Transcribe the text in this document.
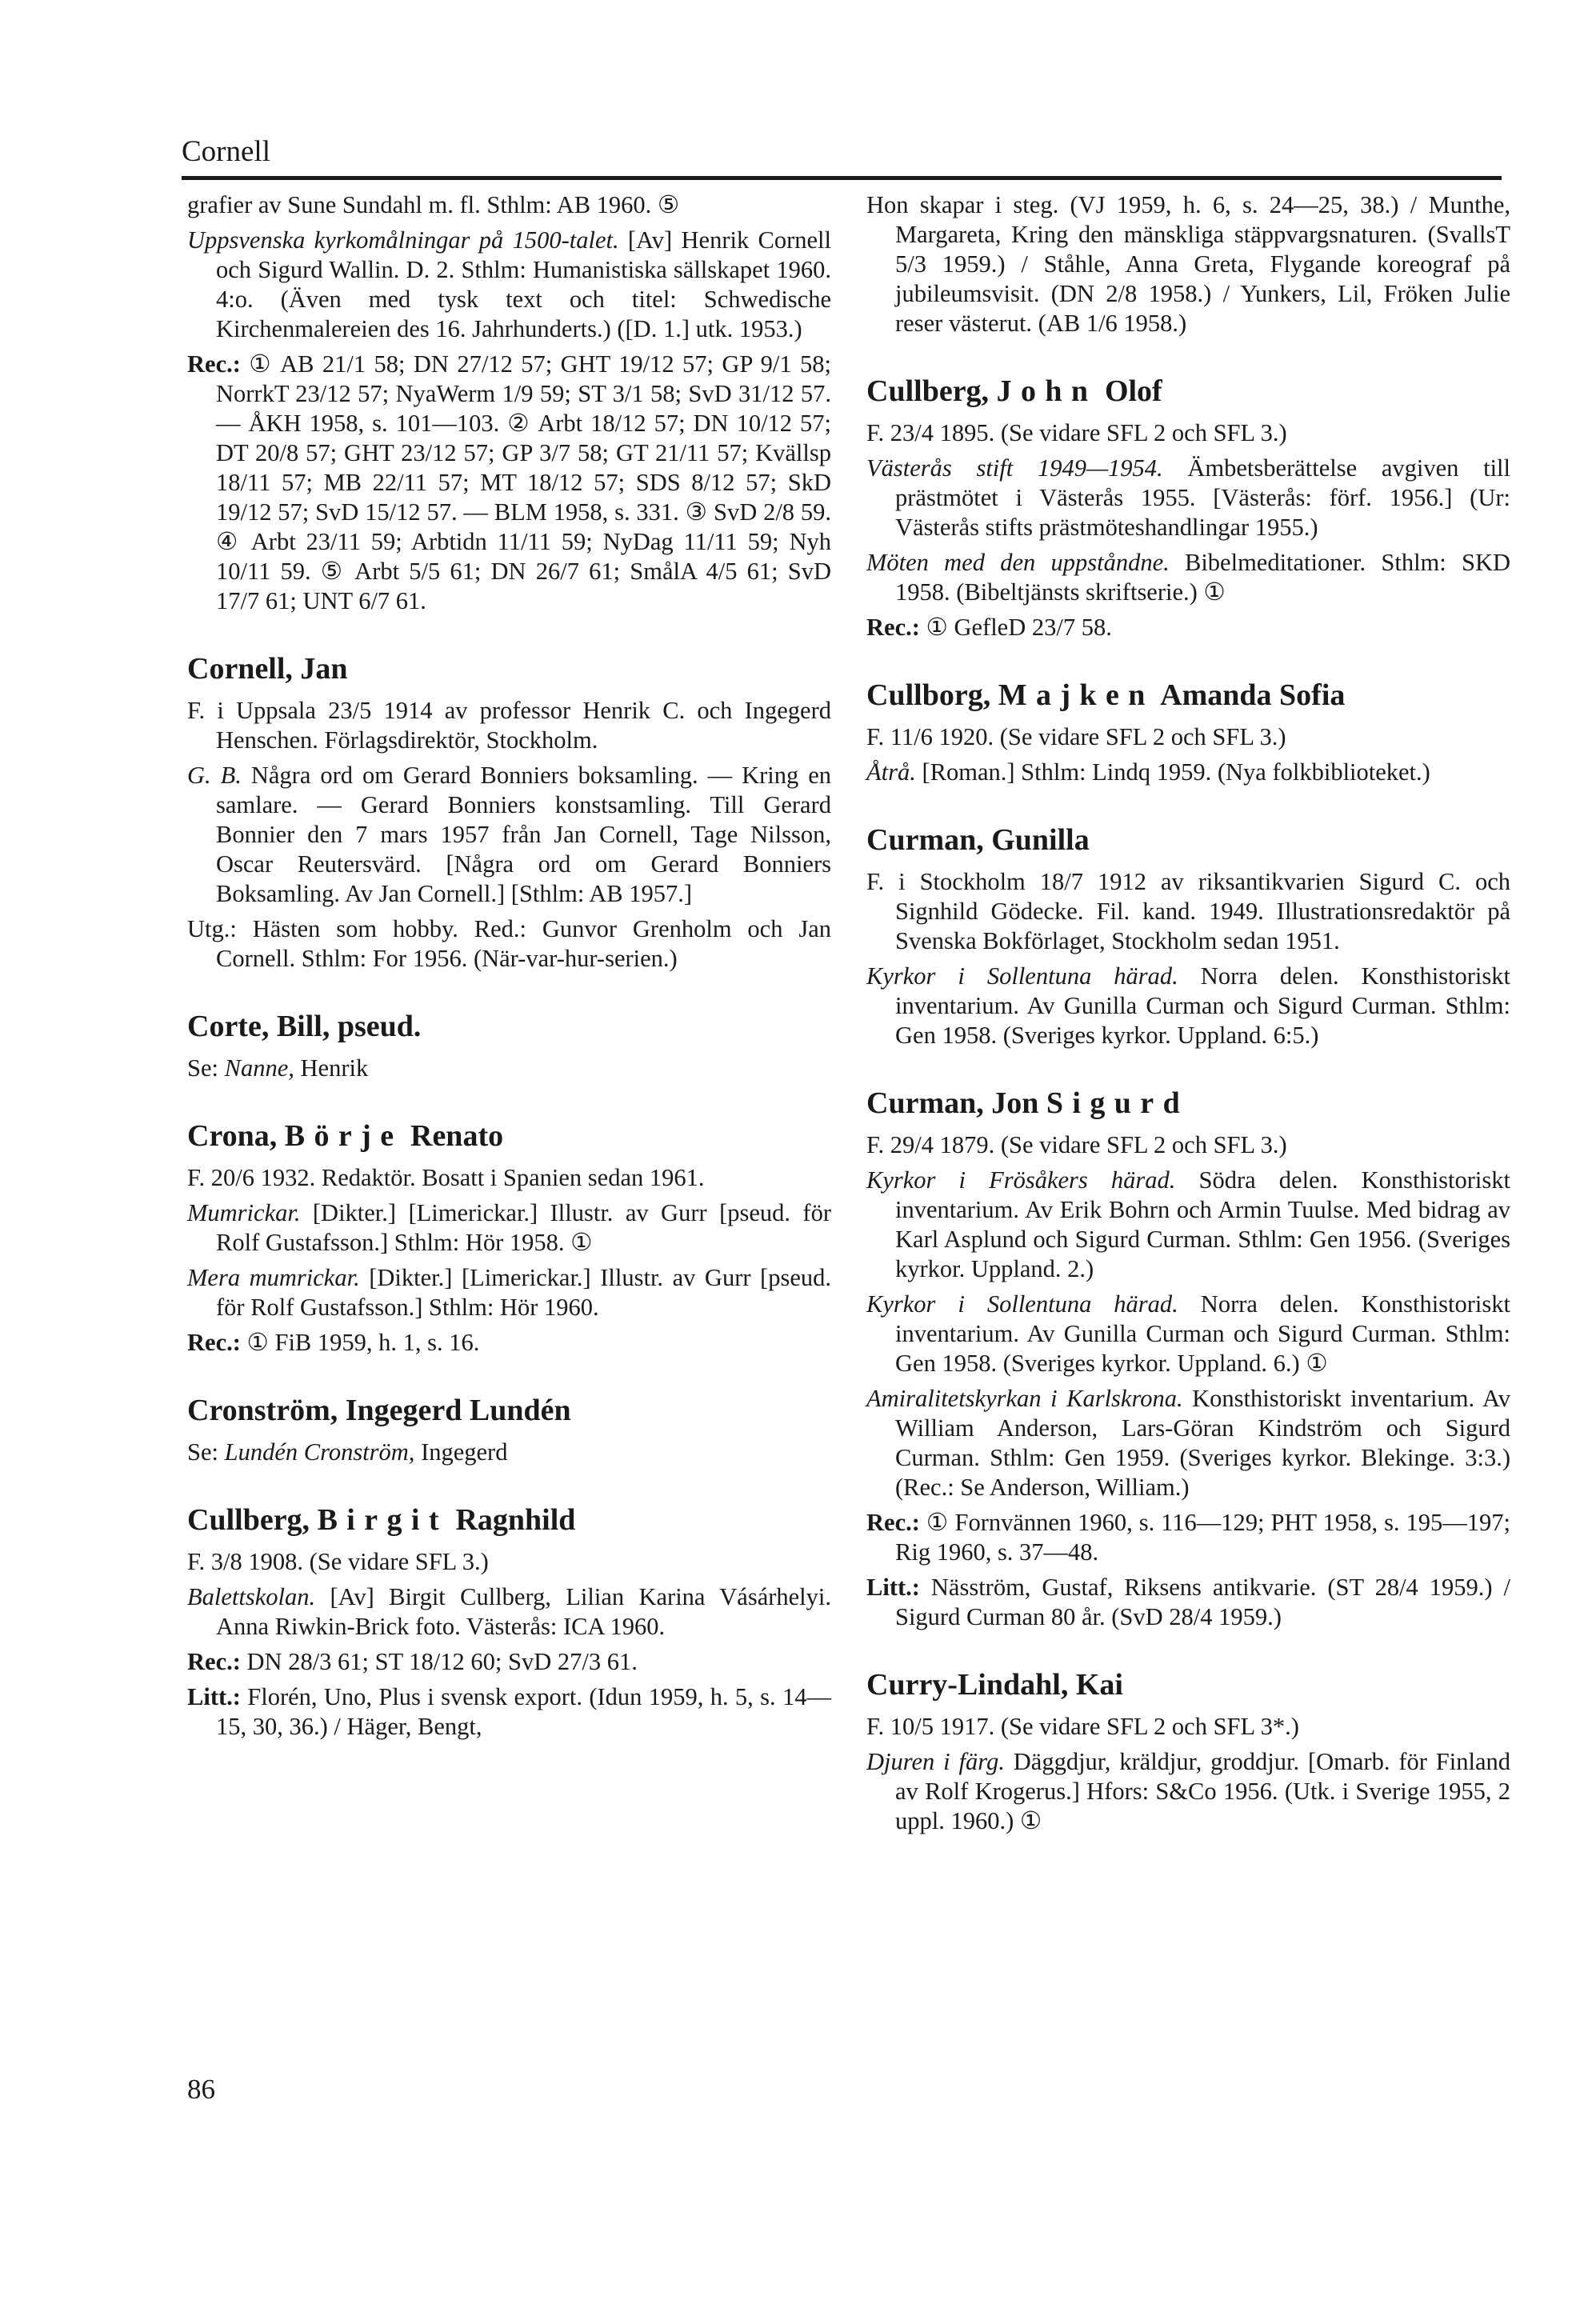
Cornell
grafier av Sune Sundahl m. fl. Sthlm: AB 1960. ⑤
Uppsvenska kyrkomålningar på 1500-talet. [Av] Henrik Cornell och Sigurd Wallin. D. 2. Sthlm: Humanistiska sällskapet 1960. 4:o. (Även med tysk text och titel: Schwedische Kirchenmalereien des 16. Jahrhunderts.) ([D. 1.] utk. 1953.)
Rec.: ① AB 21/1 58; DN 27/12 57; GHT 19/12 57; GP 9/1 58; NorrkT 23/12 57; NyaWerm 1/9 59; ST 3/1 58; SvD 31/12 57. — ÅKH 1958, s. 101—103. ② Arbt 18/12 57; DN 10/12 57; DT 20/8 57; GHT 23/12 57; GP 3/7 58; GT 21/11 57; Kvällsp 18/11 57; MB 22/11 57; MT 18/12 57; SDS 8/12 57; SkD 19/12 57; SvD 15/12 57. — BLM 1958, s. 331. ③ SvD 2/8 59. ④ Arbt 23/11 59; Arbtidn 11/11 59; NyDag 11/11 59; Nyh 10/11 59. ⑤ Arbt 5/5 61; DN 26/7 61; SmålA 4/5 61; SvD 17/7 61; UNT 6/7 61.
Cornell, Jan
F. i Uppsala 23/5 1914 av professor Henrik C. och Ingegerd Henschen. Förlagsdirektör, Stockholm.
G. B. Några ord om Gerard Bonniers boksamling. — Kring en samlare. — Gerard Bonniers konstsamling. Till Gerard Bonnier den 7 mars 1957 från Jan Cornell, Tage Nilsson, Oscar Reutersvärd. [Några ord om Gerard Bonniers Boksamling. Av Jan Cornell.] [Sthlm: AB 1957.]
Utg.: Hästen som hobby. Red.: Gunvor Grenholm och Jan Cornell. Sthlm: For 1956. (När-var-hur-serien.)
Corte, Bill, pseud.
Se: Nanne, Henrik
Crona, Börje Renato
F. 20/6 1932. Redaktör. Bosatt i Spanien sedan 1961.
Mumrickar. [Dikter.] [Limerickar.] Illustr. av Gurr [pseud. för Rolf Gustafsson.] Sthlm: Hör 1958. ①
Mera mumrickar. [Dikter.] [Limerickar.] Illustr. av Gurr [pseud. för Rolf Gustafsson.] Sthlm: Hör 1960.
Rec.: ① FiB 1959, h. 1, s. 16.
Cronström, Ingegerd Lundén
Se: Lundén Cronström, Ingegerd
Cullberg, Birgit Ragnhild
F. 3/8 1908. (Se vidare SFL 3.)
Balettskolan. [Av] Birgit Cullberg, Lilian Karina Vásárhelyi. Anna Riwkin-Brick foto. Västerås: ICA 1960.
Rec.: DN 28/3 61; ST 18/12 60; SvD 27/3 61.
Litt.: Florén, Uno, Plus i svensk export. (Idun 1959, h. 5, s. 14—15, 30, 36.) / Häger, Bengt,
Hon skapar i steg. (VJ 1959, h. 6, s. 24—25, 38.) / Munthe, Margareta, Kring den mänskliga stäppvargsnaturen. (SvallsT 5/3 1959.) / Ståhle, Anna Greta, Flygande koreograf på jubileumsvisit. (DN 2/8 1958.) / Yunkers, Lil, Fröken Julie reser västerut. (AB 1/6 1958.)
Cullberg, John Olof
F. 23/4 1895. (Se vidare SFL 2 och SFL 3.)
Västerås stift 1949—1954. Ämbetsberättelse avgiven till prästmötet i Västerås 1955. [Västerås: förf. 1956.] (Ur: Västerås stifts prästmöteshandlingar 1955.)
Möten med den uppståndne. Bibelmeditationer. Sthlm: SKD 1958. (Bibeltjänsts skriftserie.) ①
Rec.: ① GefleD 23/7 58.
Cullborg, Majken Amanda Sofia
F. 11/6 1920. (Se vidare SFL 2 och SFL 3.)
Åtrå. [Roman.] Sthlm: Lindq 1959. (Nya folkbiblioteket.)
Curman, Gunilla
F. i Stockholm 18/7 1912 av riksantikvarien Sigurd C. och Signhild Gödecke. Fil. kand. 1949. Illustrationsredaktör på Svenska Bokförlaget, Stockholm sedan 1951.
Kyrkor i Sollentuna härad. Norra delen. Konsthistoriskt inventarium. Av Gunilla Curman och Sigurd Curman. Sthlm: Gen 1958. (Sveriges kyrkor. Uppland. 6:5.)
Curman, Jon Sigurd
F. 29/4 1879. (Se vidare SFL 2 och SFL 3.)
Kyrkor i Frösåkers härad. Södra delen. Konsthistoriskt inventarium. Av Erik Bohrn och Armin Tuulse. Med bidrag av Karl Asplund och Sigurd Curman. Sthlm: Gen 1956. (Sveriges kyrkor. Uppland. 2.)
Kyrkor i Sollentuna härad. Norra delen. Konsthistoriskt inventarium. Av Gunilla Curman och Sigurd Curman. Sthlm: Gen 1958. (Sveriges kyrkor. Uppland. 6.) ①
Amiralitetskyrkan i Karlskrona. Konsthistoriskt inventarium. Av William Anderson, Lars-Göran Kindström och Sigurd Curman. Sthlm: Gen 1959. (Sveriges kyrkor. Blekinge. 3:3.) (Rec.: Se Anderson, William.)
Rec.: ① Fornvännen 1960, s. 116—129; PHT 1958, s. 195—197; Rig 1960, s. 37—48.
Litt.: Näsström, Gustaf, Riksens antikvarie. (ST 28/4 1959.) / Sigurd Curman 80 år. (SvD 28/4 1959.)
Curry-Lindahl, Kai
F. 10/5 1917. (Se vidare SFL 2 och SFL 3*.)
Djuren i färg. Däggdjur, kräldjur, groddjur. [Omarb. för Finland av Rolf Krogerus.] Hfors: S&Co 1956. (Utk. i Sverige 1955, 2 uppl. 1960.) ①
86
